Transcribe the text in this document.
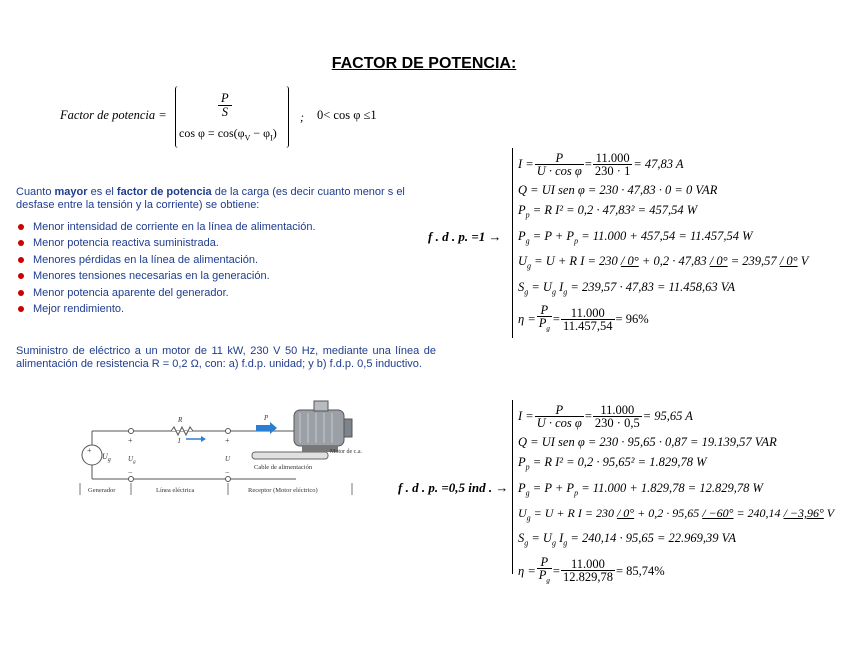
FACTOR DE POTENCIA:
Factor de potencia =	$\frac{P}{S}$
$\cos \varphi = \cos(\varphi_V - \varphi_I)$
; 0< cos φ ≤1
Cuanto mayor es el factor de potencia de la carga (es decir cuanto menor s el desfase entre la tensión y la corriente) se obtiene:
Menor intensidad de corriente en la línea de alimentación.
Menor potencia reactiva suministrada.
Menores pérdidas en la línea de alimentación.
Menores tensiones necesarias en la generación.
Menor potencia aparente del generador.
Mejor rendimiento.
Suministro de eléctrico a un motor de 11 kW, 230 V 50 Hz, mediante una línea de alimentación de resistencia R = 0,2 Ω, con: a) f.d.p. unidad; y b) f.d.p. 0,5 inductivo.
+
$U_g$
R
I
+	+
$U_g$	U
−	−
P
Cable de alimentación
Motor de c.a.
Generador	Línea eléctrica	Receptor (Motor eléctrico)
f . d . p. =1 →
$I = \frac{P}{\text{U · cos φ}} = \frac{11.000}{230 \cdot 1} = 47,83$ A
Q = UI sen φ = 230 · 47,83 · 0 = 0 VAR
$P_p = R$ I² = 0,2 · 47,83² = 457,54 W
$P_g = P + P_p = 11.000 + 457,54 = 11.457,54$ W
$U_g = U + R$ I = 230 / 0° + 0,2 · 47,83 / 0° = 239,57 / 0° V
$S_g = U_g$ $I_g = 239,57 \cdot 47,83 = 11.458,63$ VA
$\eta = \frac{P}{P_g} = \frac{11.000}{11.457,54} = 96\%$
f . d . p. =0,5 ind . →
$I = \frac{P}{\text{U · cos φ}} = \frac{11.000}{230 \cdot 0,5} = 95,65$ A
Q = UI sen φ = 230 · 95,65 · 0,87 = 19.139,57 VAR
$P_p = R$ I² = 0,2 · 95,65² = 1.829,78 W
$P_g = P + P_p = 11.000 + 1.829,78 = 12.829,78$ W
$U_g = U + R$ I = 230 / 0° + 0,2 · 95,65 / −60° = 240,14 / −3,96° V
$S_g = U_g$ $I_g = 240,14 \cdot 95,65 = 22.969,39$ VA
$\eta = \frac{P}{P_g} = \frac{11.000}{12.829,78} = 85,74\%$
